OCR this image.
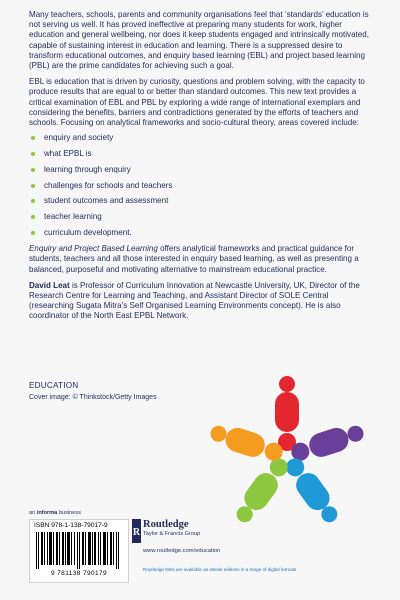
Many teachers, schools, parents and community organisations feel that ‘standards’ education is not serving us well. It has proved ineffective at preparing many students for work, higher education and general wellbeing, nor does it keep students engaged and intrinsically motivated, capable of sustaining interest in education and learning. There is a suppressed desire to transform educational outcomes, and enquiry based learning (EBL) and project based learning (PBL) are the prime candidates for achieving such a goal.

EBL is education that is driven by curiosity, questions and problem solving, with the capacity to produce results that are equal to or better than standard outcomes. This new text provides a critical examination of EBL and PBL by exploring a wide range of international exemplars and considering the benefits, barriers and contradictions generated by the efforts of teachers and schools. Focusing on analytical frameworks and socio-cultural theory, areas covered include:

enquiry and society
what EPBL is
learning through enquiry
challenges for schools and teachers
student outcomes and assessment
teacher learning
curriculum development.

Enquiry and Project Based Learning offers analytical frameworks and practical guidance for students, teachers and all those interested in enquiry based learning, as well as presenting a balanced, purposeful and motivating alternative to mainstream educational practice.

David Leat is Professor of Curriculum Innovation at Newcastle University, UK, Director of the Research Centre for Learning and Teaching, and Assistant Director of SOLE Central (researching Sugata Mitra’s Self Organised Learning Environments concept). He is also coordinator of the North East EPBL Network.

EDUCATION
Cover image: © Thinkstock/Getty Images
an informa business
ISBN 978-1-138-79017-9
9 781138 790179
R
Routledge
Taylor & Francis Group
www.routledge.com/education
Routledge titles are available as eBook editions in a range of digital formats
